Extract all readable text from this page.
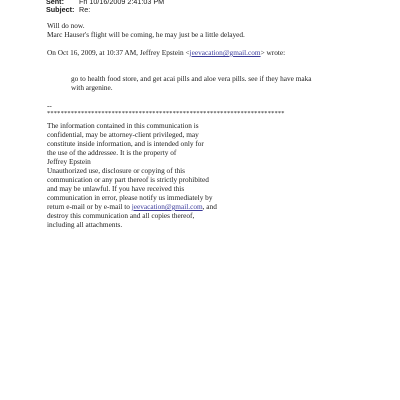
Sent: Fri 10/16/2009 2:41:03 PM
Subject: Re:
Will do now.
Marc Hauser's flight will be coming, he may just be a little delayed.
On Oct 16, 2009, at 10:37 AM, Jeffrey Epstein <jeevacation@gmail.com> wrote:
go to health food store, and get acai pills and aloe vera pills. see if they have maka
with argenine.
--
**********************************************************************
The information contained in this communication is
confidential, may be attorney-client privileged, may
constitute inside information, and is intended only for
the use of the addressee. It is the property of
Jeffrey Epstein
Unauthorized use, disclosure or copying of this
communication or any part thereof is strictly prohibited
and may be unlawful. If you have received this
communication in error, please notify us immediately by
return e-mail or by e-mail to jeevacation@gmail.com, and
destroy this communication and all copies thereof,
including all attachments.
